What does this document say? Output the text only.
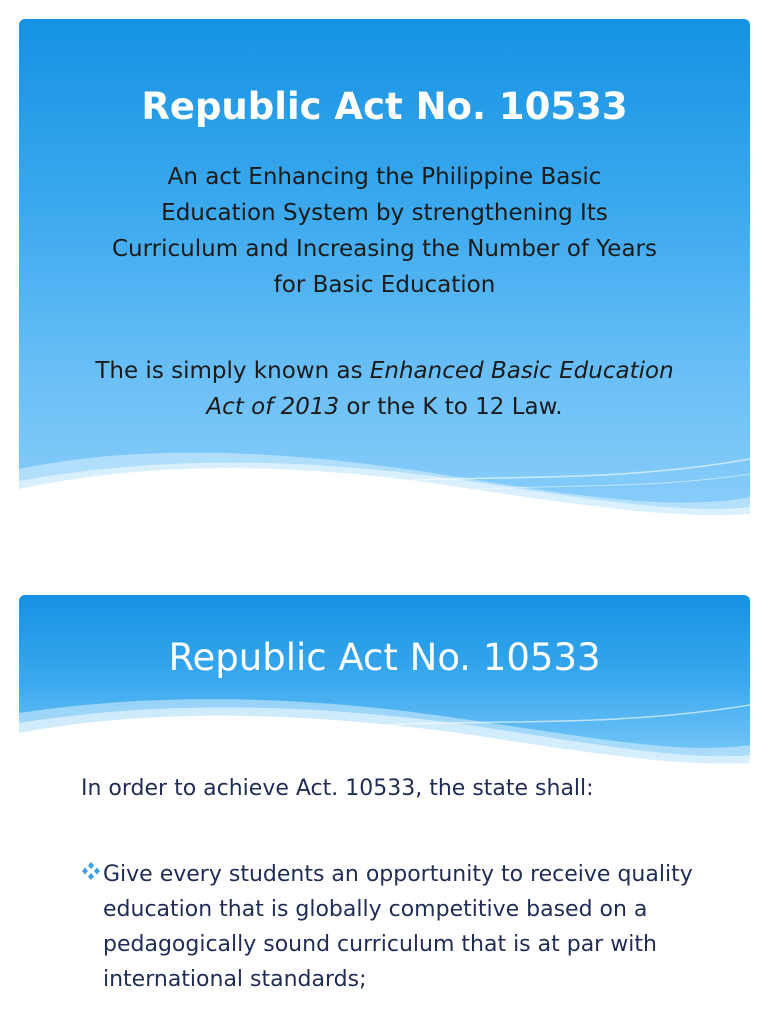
Republic Act No. 10533

An act Enhancing the Philippine Basic Education System by strengthening Its Curriculum and Increasing the Number of Years for Basic Education

The is simply known as Enhanced Basic Education Act of 2013 or the K to 12 Law.

Republic Act No. 10533

In order to achieve Act. 10533, the state shall:

Give every students an opportunity to receive quality education that is globally competitive based on a pedagogically sound curriculum that is at par with international standards;
